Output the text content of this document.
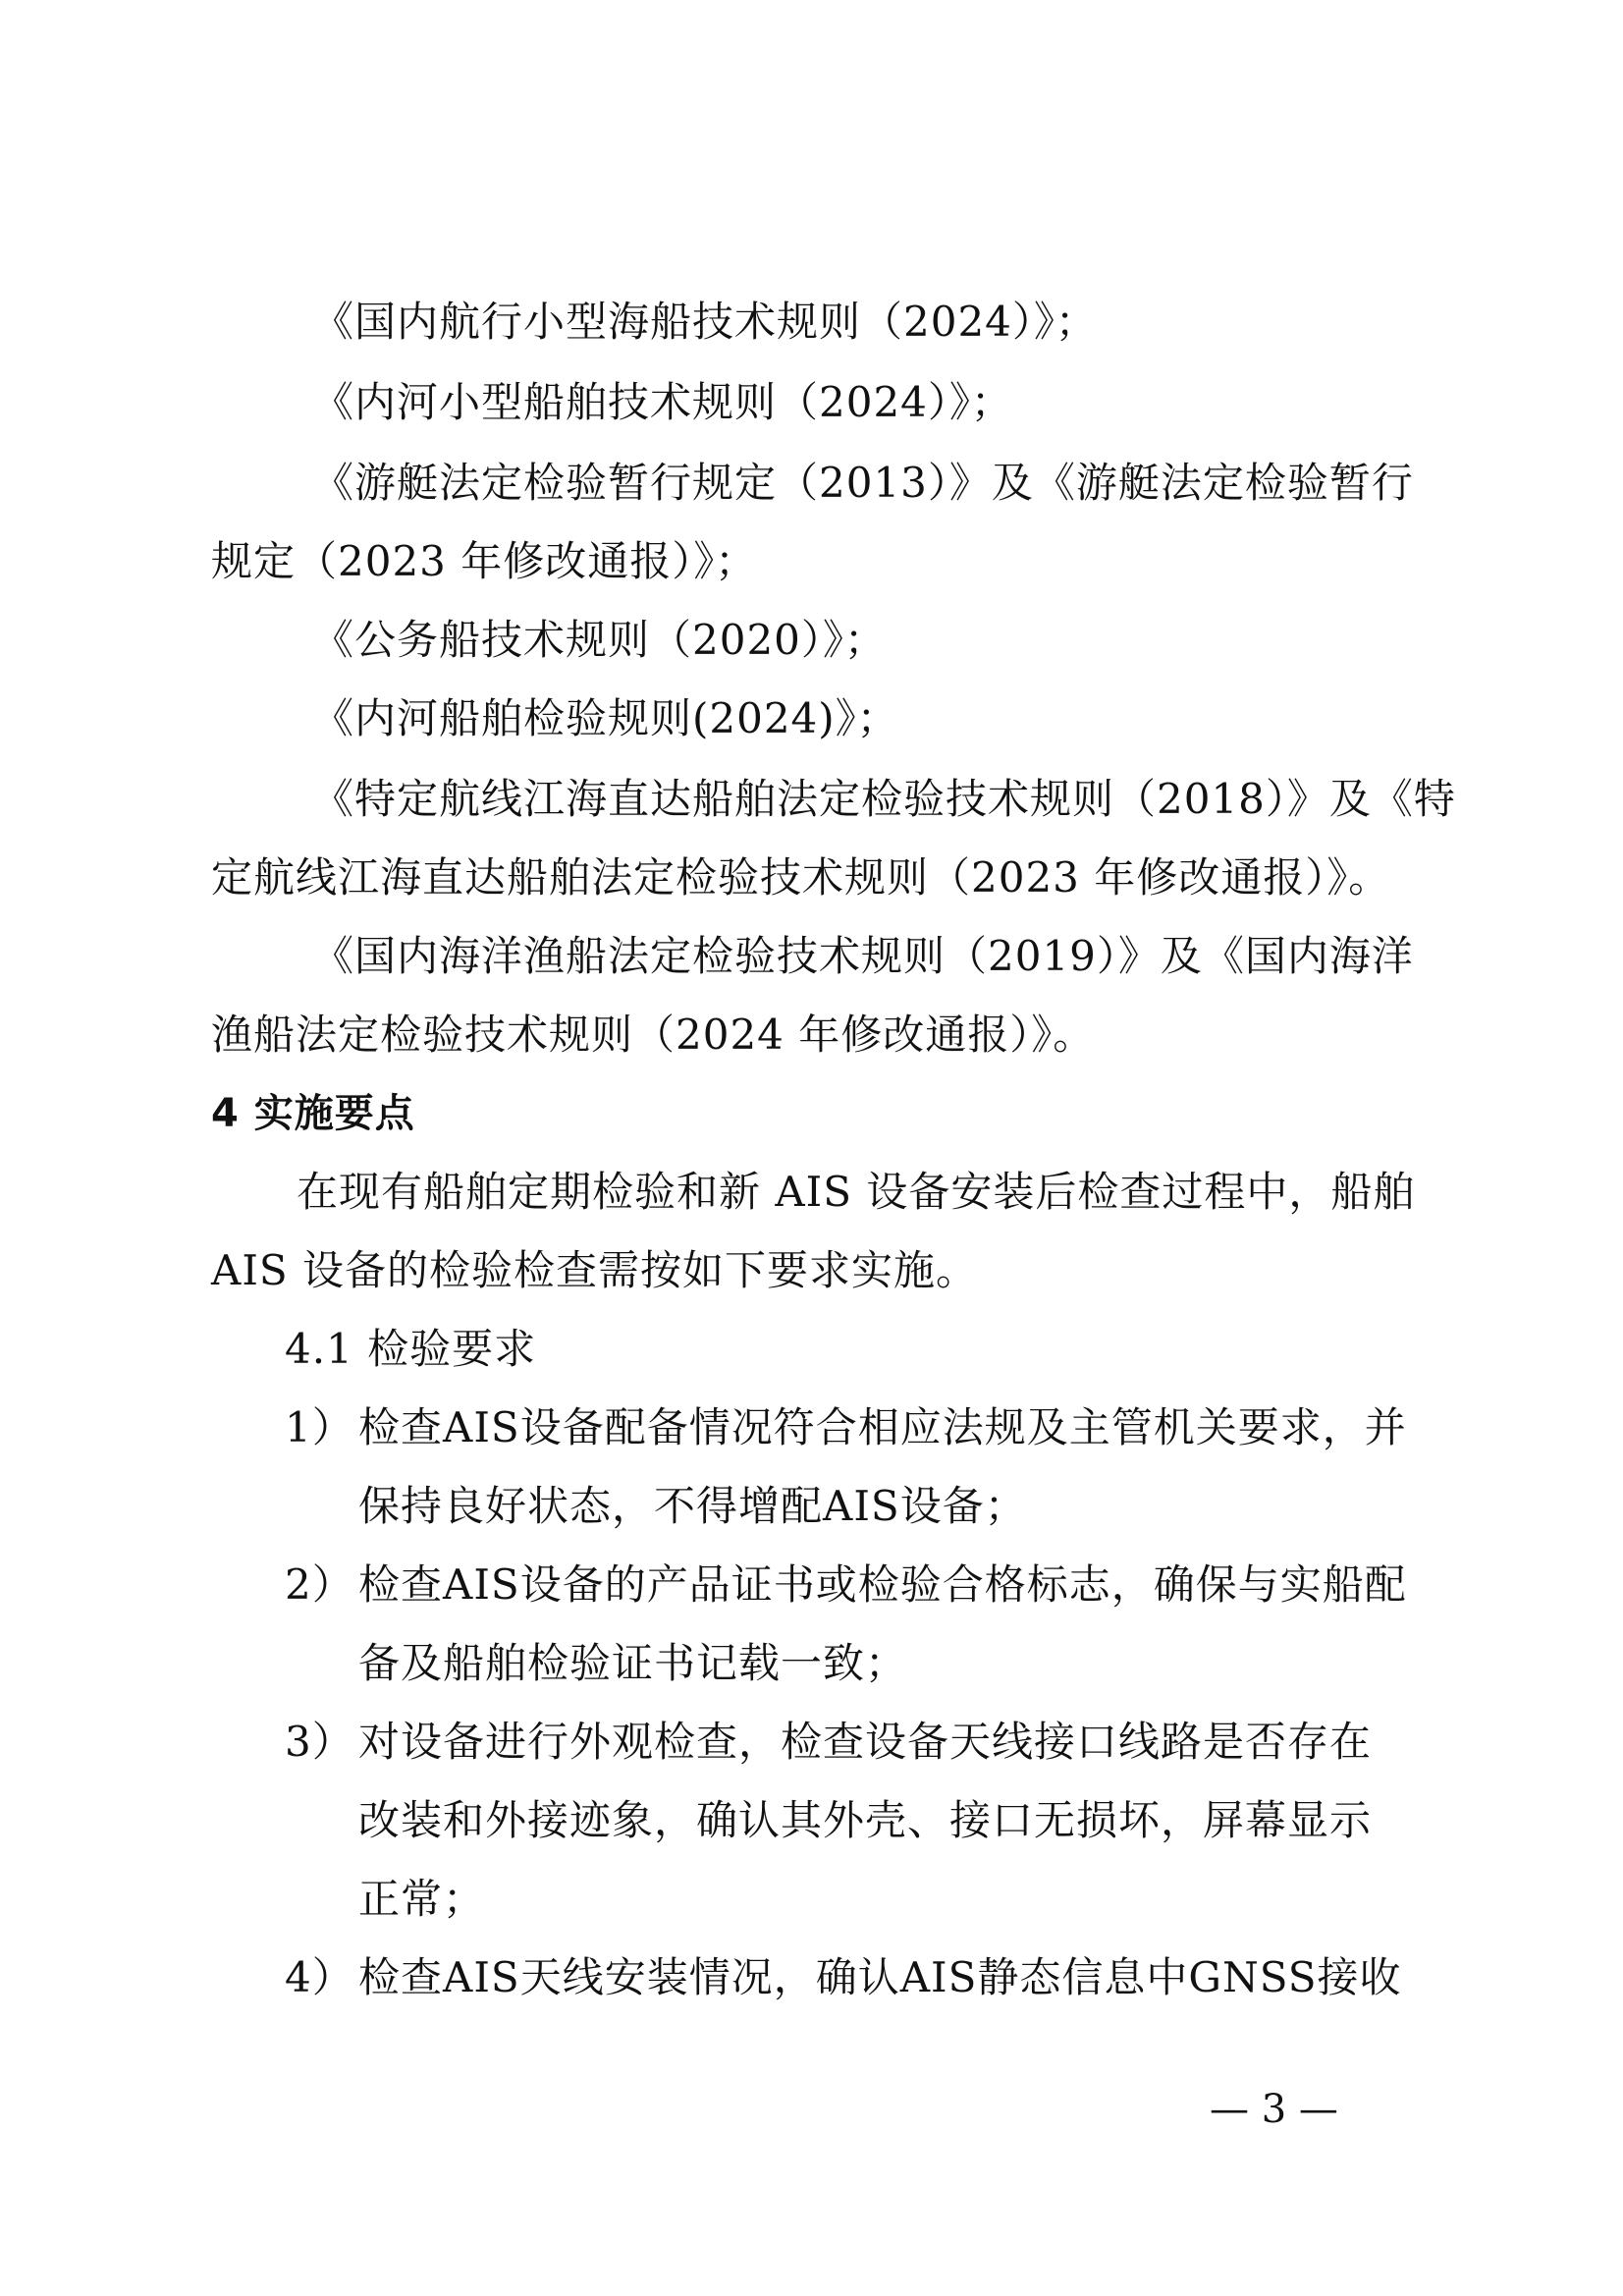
《国内航行小型海船技术规则（2024）》；

《内河小型船舶技术规则（2024）》；

《游艇法定检验暂行规定（2013）》及《游艇法定检验暂行

规定（2023 年修改通报）》；

《公务船技术规则（2020）》；

《内河船舶检验规则(2024)》；

《特定航线江海直达船舶法定检验技术规则（2018）》及《特

定航线江海直达船舶法定检验技术规则（2023 年修改通报）》。

《国内海洋渔船法定检验技术规则（2019）》及《国内海洋

渔船法定检验技术规则（2024 年修改通报）》。

4 实施要点

在现有船舶定期检验和新 AIS 设备安装后检查过程中，船舶

AIS 设备的检验检查需按如下要求实施。

4.1 检验要求

1） 检查AIS设备配备情况符合相应法规及主管机关要求，并

保持良好状态，不得增配AIS设备；

2） 检查AIS设备的产品证书或检验合格标志，确保与实船配

备及船舶检验证书记载一致；

3） 对设备进行外观检查，检查设备天线接口线路是否存在

改装和外接迹象，确认其外壳、接口无损坏，屏幕显示

正常；

4） 检查AIS天线安装情况，确认AIS静态信息中GNSS接收

— 3 —
